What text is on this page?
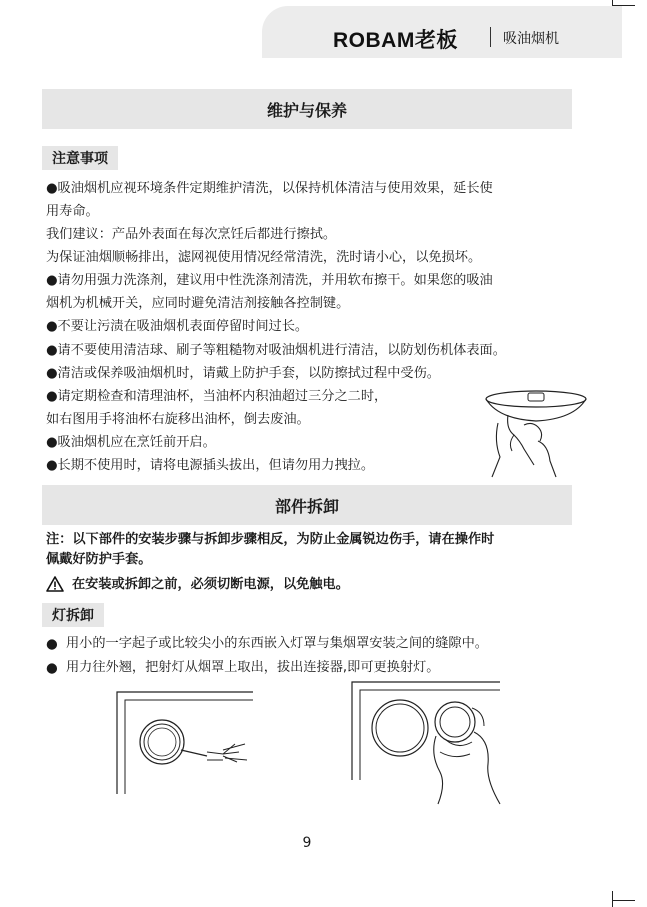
ROBAM老板	吸油烟机
维护与保养
注意事项
●吸油烟机应视环境条件定期维护清洗，以保持机体清洁与使用效果，延长使
用寿命。
我们建议：产品外表面在每次烹饪后都进行擦拭。
为保证油烟顺畅排出，滤网视使用情况经常清洗，洗时请小心，以免损坏。
●请勿用强力洗涤剂，建议用中性洗涤剂清洗，并用软布擦干。如果您的吸油
烟机为机械开关，应同时避免清洁剂接触各控制键。
●不要让污渍在吸油烟机表面停留时间过长。
●请不要使用清洁球、刷子等粗糙物对吸油烟机进行清洁，以防划伤机体表面。
●清洁或保养吸油烟机时，请戴上防护手套，以防擦拭过程中受伤。
●请定期检查和清理油杯，当油杯内积油超过三分之二时，
如右图用手将油杯右旋移出油杯，倒去废油。
●吸油烟机应在烹饪前开启。
●长期不使用时，请将电源插头拔出，但请勿用力拽拉。
部件拆卸
注：以下部件的安装步骤与拆卸步骤相反，为防止金属锐边伤手，请在操作时
佩戴好防护手套。
在安装或拆卸之前，必须切断电源，以免触电。
灯拆卸
● 用小的一字起子或比较尖小的东西嵌入灯罩与集烟罩安装之间的缝隙中。
● 用力往外翘，把射灯从烟罩上取出，拔出连接器,即可更换射灯。
9
